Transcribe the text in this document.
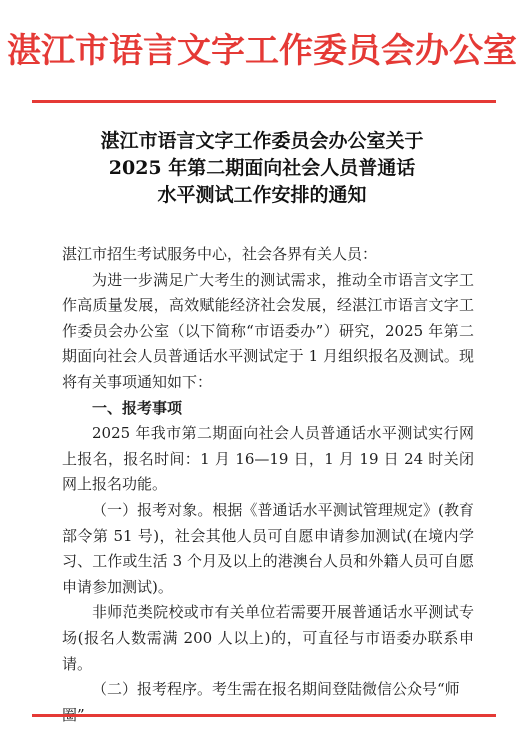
湛江市语言文字工作委员会办公室
湛江市语言文字工作委员会办公室关于
2025 年第二期面向社会人员普通话
水平测试工作安排的通知

湛江市招生考试服务中心，社会各界有关人员：

为进一步满足广大考生的测试需求，推动全市语言文字工作高质量发展，高效赋能经济社会发展，经湛江市语言文字工作委员会办公室（以下简称“市语委办”）研究，2025 年第二期面向社会人员普通话水平测试定于 1 月组织报名及测试。现将有关事项通知如下：

一、报考事项

2025 年我市第二期面向社会人员普通话水平测试实行网上报名，报名时间：1 月 16—19 日，1 月 19 日 24 时关闭网上报名功能。

（一）报考对象。根据《普通话水平测试管理规定》(教育部令第 51 号)，社会其他人员可自愿申请参加测试(在境内学习、工作或生活 3 个月及以上的港澳台人员和外籍人员可自愿申请参加测试)。

非师范类院校或市有关单位若需要开展普通话水平测试专场(报名人数需满 200 人以上)的，可直径与市语委办联系申请。

（二）报考程序。考生需在报名期间登陆微信公众号“师
